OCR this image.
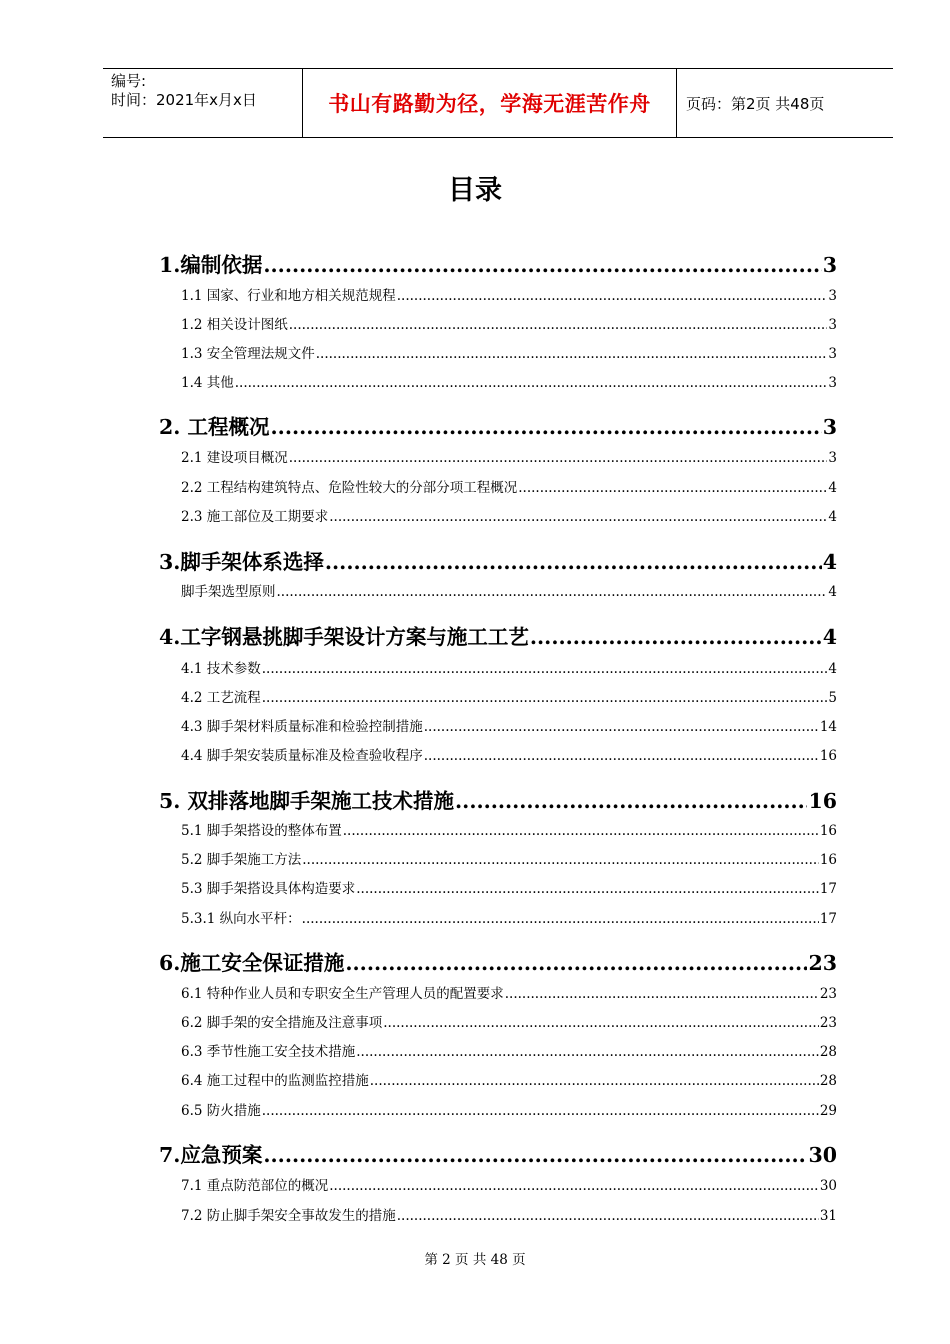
编号:
时间：2021年x月x日	书山有路勤为径，学海无涯苦作舟	页码：第2页 共48页
目录
1.编制依据 .....	3
1.1 国家、行业和地方相关规范规程 .....	3
1.2 相关设计图纸 .....	3
1.3 安全管理法规文件 .....	3
1.4 其他 .....	3
2. 工程概况 .....	3
2.1 建设项目概况 .....	3
2.2 工程结构建筑特点、危险性较大的分部分项工程概况 .....	4
2.3 施工部位及工期要求 .....	4
3.脚手架体系选择 .....	4
脚手架选型原则 .....	4
4.工字钢悬挑脚手架设计方案与施工工艺 .....	4
4.1 技术参数 .....	4
4.2 工艺流程 .....	5
4.3 脚手架材料质量标准和检验控制措施 .....	14
4.4 脚手架安装质量标准及检查验收程序 .....	16
5. 双排落地脚手架施工技术措施 .....	16
5.1 脚手架搭设的整体布置 .....	16
5.2 脚手架施工方法 .....	16
5.3 脚手架搭设具体构造要求 .....	17
5.3.1 纵向水平杆： .....	17
6.施工安全保证措施 .....	23
6.1 特种作业人员和专职安全生产管理人员的配置要求 .....	23
6.2 脚手架的安全措施及注意事项 .....	23
6.3 季节性施工安全技术措施 .....	28
6.4 施工过程中的监测监控措施 .....	28
6.5 防火措施 .....	29
7.应急预案 .....	30
7.1 重点防范部位的概况 .....	30
7.2 防止脚手架安全事故发生的措施 .....	31
第 2 页 共 48 页
